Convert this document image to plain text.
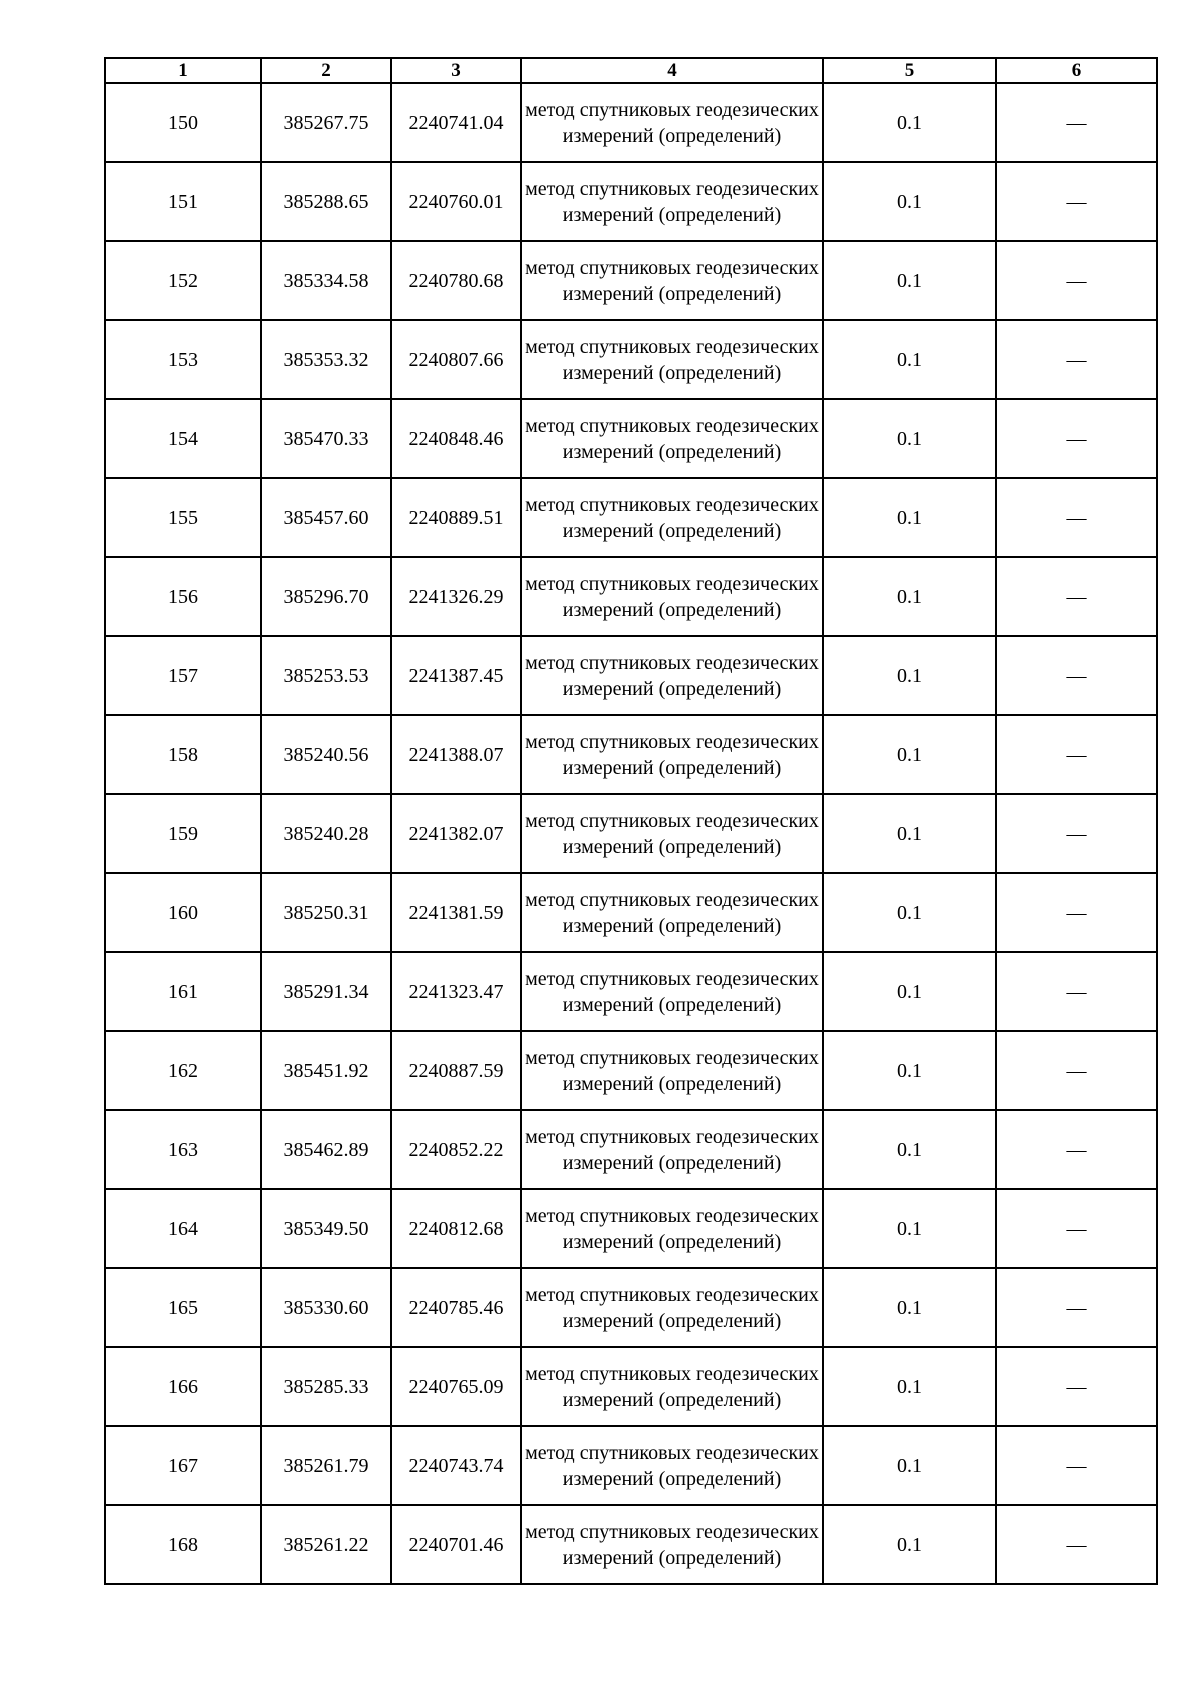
1	2	3	4	5	6
150	385267.75	2240741.04	метод спутниковых геодезических измерений (определений)	0.1	—
151	385288.65	2240760.01	метод спутниковых геодезических измерений (определений)	0.1	—
152	385334.58	2240780.68	метод спутниковых геодезических измерений (определений)	0.1	—
153	385353.32	2240807.66	метод спутниковых геодезических измерений (определений)	0.1	—
154	385470.33	2240848.46	метод спутниковых геодезических измерений (определений)	0.1	—
155	385457.60	2240889.51	метод спутниковых геодезических измерений (определений)	0.1	—
156	385296.70	2241326.29	метод спутниковых геодезических измерений (определений)	0.1	—
157	385253.53	2241387.45	метод спутниковых геодезических измерений (определений)	0.1	—
158	385240.56	2241388.07	метод спутниковых геодезических измерений (определений)	0.1	—
159	385240.28	2241382.07	метод спутниковых геодезических измерений (определений)	0.1	—
160	385250.31	2241381.59	метод спутниковых геодезических измерений (определений)	0.1	—
161	385291.34	2241323.47	метод спутниковых геодезических измерений (определений)	0.1	—
162	385451.92	2240887.59	метод спутниковых геодезических измерений (определений)	0.1	—
163	385462.89	2240852.22	метод спутниковых геодезических измерений (определений)	0.1	—
164	385349.50	2240812.68	метод спутниковых геодезических измерений (определений)	0.1	—
165	385330.60	2240785.46	метод спутниковых геодезических измерений (определений)	0.1	—
166	385285.33	2240765.09	метод спутниковых геодезических измерений (определений)	0.1	—
167	385261.79	2240743.74	метод спутниковых геодезических измерений (определений)	0.1	—
168	385261.22	2240701.46	метод спутниковых геодезических измерений (определений)	0.1	—
